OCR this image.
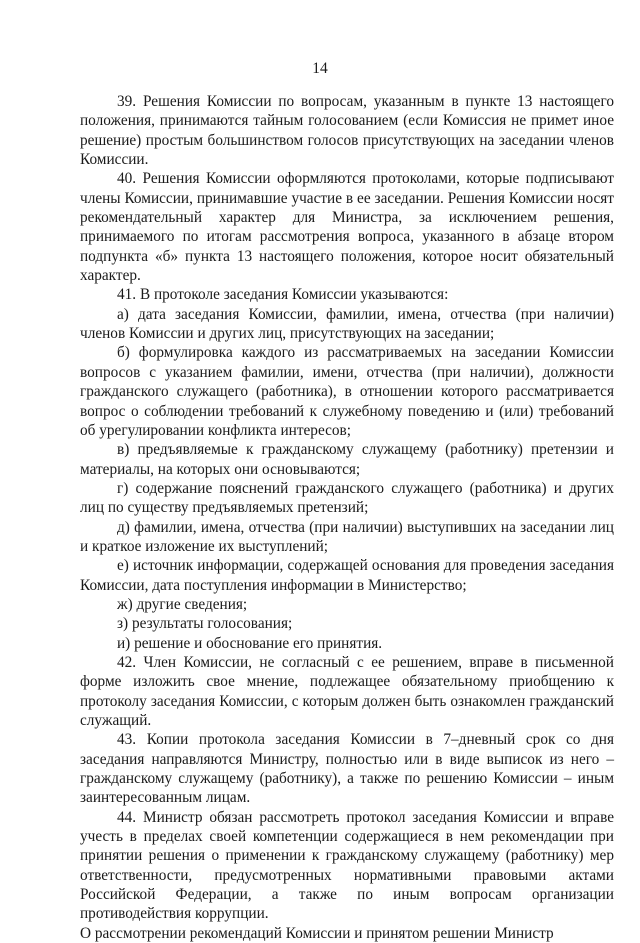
14

39. Решения Комиссии по вопросам, указанным в пункте 13 настоящего положения, принимаются тайным голосованием (если Комиссия не примет иное решение) простым большинством голосов присутствующих на заседании членов Комиссии.

40. Решения Комиссии оформляются протоколами, которые подписывают члены Комиссии, принимавшие участие в ее заседании. Решения Комиссии носят рекомендательный характер для Министра, за исключением решения, принимаемого по итогам рассмотрения вопроса, указанного в абзаце втором подпункта «б» пункта 13 настоящего положения, которое носит обязательный характер.

41. В протоколе заседания Комиссии указываются:

а) дата заседания Комиссии, фамилии, имена, отчества (при наличии) членов Комиссии и других лиц, присутствующих на заседании;

б) формулировка каждого из рассматриваемых на заседании Комиссии вопросов с указанием фамилии, имени, отчества (при наличии), должности гражданского служащего (работника), в отношении которого рассматривается вопрос о соблюдении требований к служебному поведению и (или) требований об урегулировании конфликта интересов;

в) предъявляемые к гражданскому служащему (работнику) претензии и материалы, на которых они основываются;

г) содержание пояснений гражданского служащего (работника) и других лиц по существу предъявляемых претензий;

д) фамилии, имена, отчества (при наличии) выступивших на заседании лиц и краткое изложение их выступлений;

е) источник информации, содержащей основания для проведения заседания Комиссии, дата поступления информации в Министерство;

ж) другие сведения;

з) результаты голосования;

и) решение и обоснование его принятия.

42. Член Комиссии, не согласный с ее решением, вправе в письменной форме изложить свое мнение, подлежащее обязательному приобщению к протоколу заседания Комиссии, с которым должен быть ознакомлен гражданский служащий.

43. Копии протокола заседания Комиссии в 7–дневный срок со дня заседания направляются Министру, полностью или в виде выписок из него – гражданскому служащему (работнику), а также по решению Комиссии – иным заинтересованным лицам.

44. Министр обязан рассмотреть протокол заседания Комиссии и вправе учесть в пределах своей компетенции содержащиеся в нем рекомендации при принятии решения о применении к гражданскому служащему (работнику) мер ответственности, предусмотренных нормативными правовыми актами Российской Федерации, а также по иным вопросам организации противодействия коррупции.

О рассмотрении рекомендаций Комиссии и принятом решении Министр
